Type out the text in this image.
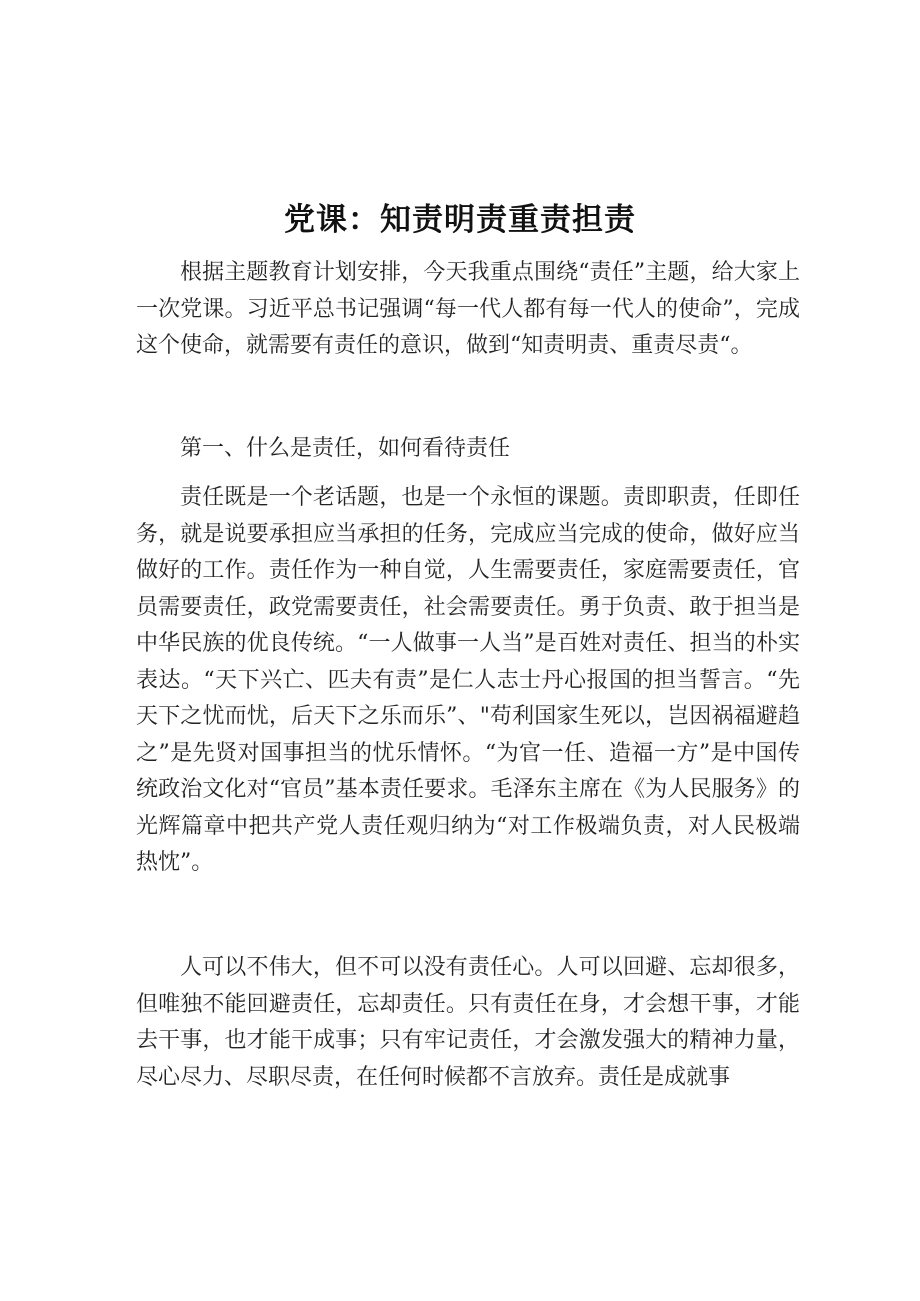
党课：知责明责重责担责

根据主题教育计划安排，今天我重点围绕“责任”主题，给大家上一次党课。习近平总书记强调“每一代人都有每一代人的使命”，完成这个使命，就需要有责任的意识，做到“知责明责、重责尽责“。

第一、什么是责任，如何看待责任

责任既是一个老话题，也是一个永恒的课题。责即职责，任即任务，就是说要承担应当承担的任务，完成应当完成的使命，做好应当做好的工作。责任作为一种自觉，人生需要责任，家庭需要责任，官员需要责任，政党需要责任，社会需要责任。勇于负责、敢于担当是中华民族的优良传统。“一人做事一人当”是百姓对责任、担当的朴实表达。“天下兴亡、匹夫有责”是仁人志士丹心报国的担当誓言。“先天下之忧而忧，后天下之乐而乐”、"苟利国家生死以，岂因祸福避趋之”是先贤对国事担当的忧乐情怀。“为官一任、造福一方”是中国传统政治文化对“官员”基本责任要求。毛泽东主席在《为人民服务》的光辉篇章中把共产党人责任观归纳为“对工作极端负责，对人民极端热忱”。

人可以不伟大，但不可以没有责任心。人可以回避、忘却很多，但唯独不能回避责任，忘却责任。只有责任在身，才会想干事，才能去干事，也才能干成事；只有牢记责任，才会激发强大的精神力量，尽心尽力、尽职尽责，在任何时候都不言放弃。责任是成就事
